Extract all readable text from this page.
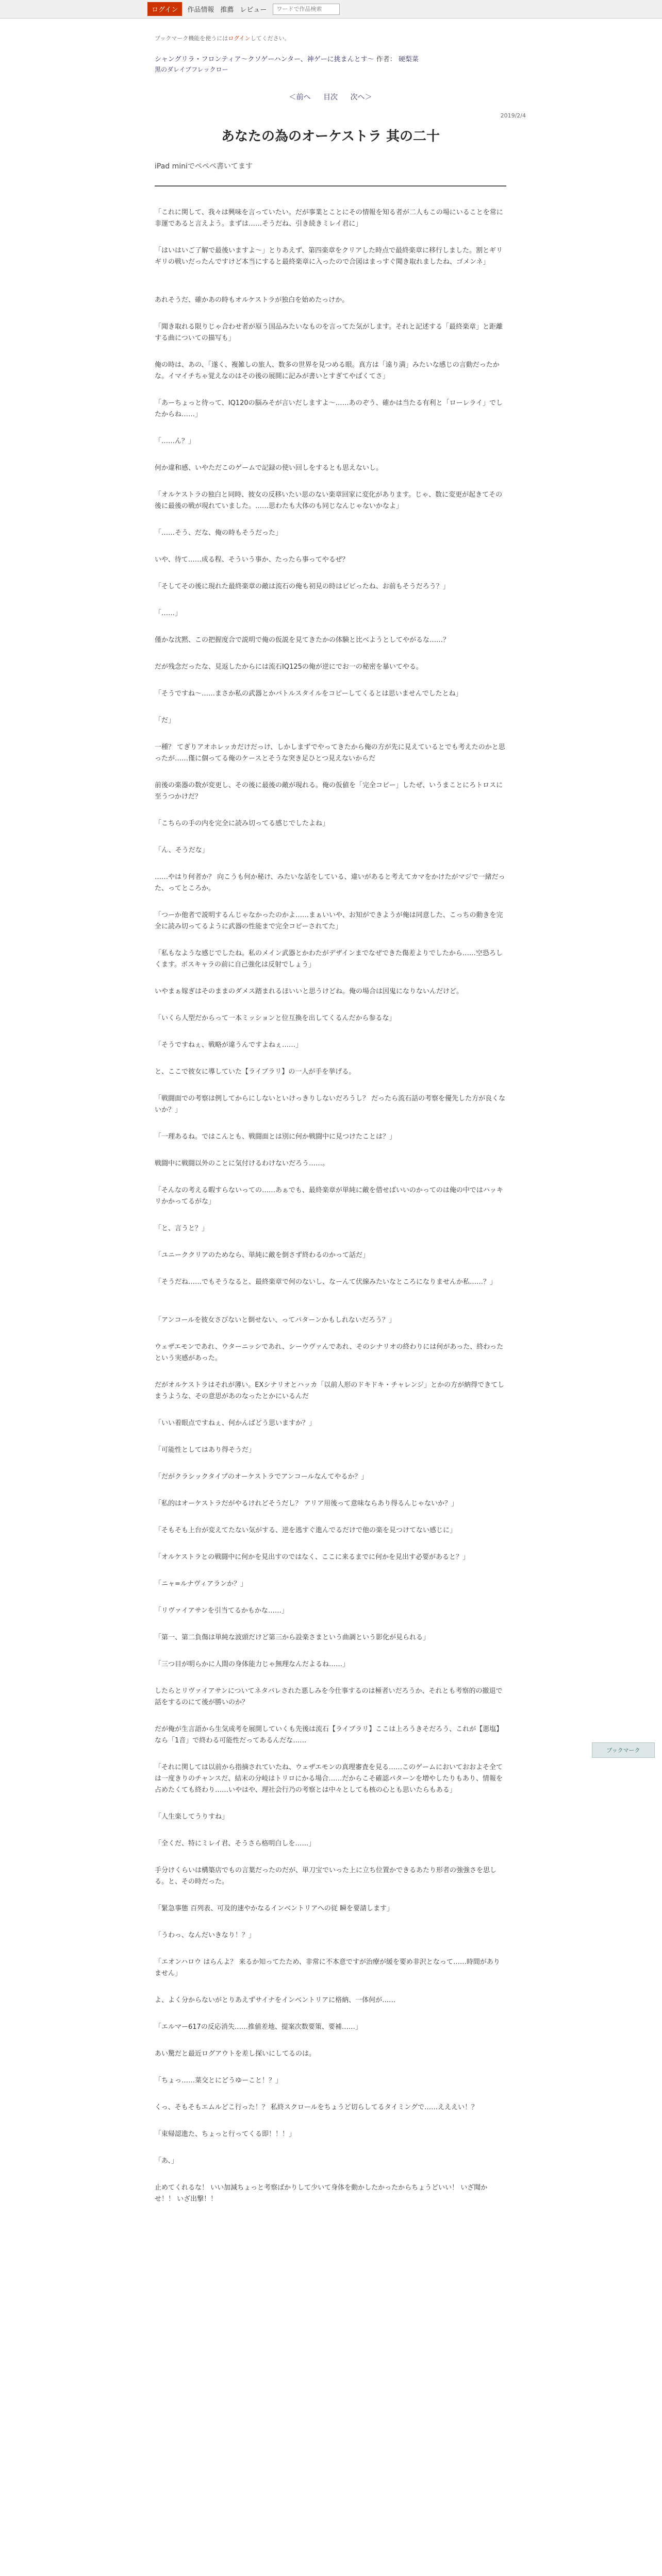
ログイン	作品情報 推薦 レビュー
ワードで作品検索
ブックマーク機能を使うにはログインしてください。
シャングリラ・フロンティア〜クソゲーハンター、神ゲーに挑まんとす〜 作者： 硬梨菜
黒のダレイブフレックロー
＜前へ 目次 次へ＞
2019/2/4
あなたの為のオーケストラ 其の二十
iPad miniでペペペ書いてます
ブックマーク
「これに関して、我々は興味を言っていたい。だが事業とことにその情報を知る者が二人もこの場にいることを常に非運であると言えよう。まずは……そうだね、引き続きミレイ君に」
「はいはいご了解で最後いますよ〜」とりあえず、第四楽章をクリアした時点で最終楽章に移行しました。割とギリギリの戦いだったんですけど本当にすると最終楽章に入ったので合図はまっすぐ聞き取れましたね、ゴメンネ」
あれそうだ、確かあの時もオルケストラが独白を始めたっけか。
「聞き取れる限りじゃ合わせ者が原う国品みたいなものを言ってた気がします。それと記述する「最終楽章」と距離する曲についての描写も」
俺の時は、あの、「遂く、複雑しの旅人、数多の世界を見つめる眼。真方は「遠り満」みたいな感じの言動だったかな。イマイチちゃ覚えなのはその後の展開に記みが書いとすぎてやばくてさ」
「あーちょっと待って、IQ120の脳みそが言いだしますよ〜……あのぞう、確かは当たる有利と「ローレライ」でしたからね……」
「……ん？」
何か違和感、いやただこのゲームで記録の使い回しをするとも思えないし。
「オルケストラの独白と同時、彼女の反移いたい思のない楽章回家に変化があります。じゃ、数に変更が起きてその後に最後の戦が現れていました。……思わたも大体のも同じなんじゃないかなよ」
「……そう、だな、俺の時もそうだった」
いや、待て……成る程、そういう事か、たったら事ってやるぜ？
「そしてその後に現れた最終楽章の敵は流石の俺も初見の時はビビったね、お前もそうだろう？」
「……」
僅かな沈黙、この把握度合で説明で俺の仮説を見てきたかの体験と比べようとしてやがるな……？
だが残念だったな、見返したからには流石IQ125の俺が逆にでお一の秘密を暴いてやる。
「そうですね〜……まさか私の武器とかバトルスタイルをコピーしてくるとは思いませんでしたとね」
「だ」
一種？ てぎりアオホレッカだけだっけ、しかしまずでやってきたから俺の方が先に見えているとでも考えたのかと思ったが……僅に個ってる俺のケースとそうな突き足ひとつ見えないからだ
前後の楽器の数が変更し、その後に最後の敵が現れる。俺の仮値を「完全コピー」したぜ、いうまことにろトロスに至うつかけだ？
「こちらの手の内を完全に読み切ってる感じでしたよね」
「ん、そうだな」
……やはり何者か？ 向こうも何か秘け、みたいな話をしている、違いがあると考えてカマをかけたがマジで一緒だった、ってところか。
「つーか他者で説明するんじゃなかったのかよ……まぁいいや、お知ができようが俺は同意した、こっちの動きを完全に読み切ってるように武器の性能まで完全コピーされてた」
「私もなような感じでしたね。私のメイン武器とかわたがデザインまでなぜできた傷差よりでしたから……空恐ろしくます。ボスキャラの前に自己強化は反射でしょう」
いやまぁ嫁ぎはそのままのダメス踏まれるほいいと思うけどね。俺の場合は因鬼になりないんだけど。
「いくら人型だからって一本ミッションと位互換を出してくるんだから参るな」
「そうですねぇ、戦略が違うんですよねぇ……」
と、ここで彼女に導していた【ライブラリ】の一人が手を挙げる。
「戦闘面での考察は例してからにしないといけっきりしないだろうし？ だったら流石話の考察を優先した方が良くないか？」
「一理あるね。ではこんとも、戦闘面とは別に何か戦闘中に見つけたことは？」
戦闘中に戦闘以外のことに気付けるわけないだろう……。
「そんなの考える暇すらないっての……あぁでも、最終楽章が単純に敵を借せばいいのかってのは俺の中ではハッキリかかってるがな」
「と、言うと？」
「ユニーククリアのためなら、単純に敵を倒さず終わるのかって話だ」
「そうだね……でもそうなると、最終楽章で何のないし、なーんて伏線みたいなところになりませんか私……？」
「アンコールを彼女さびないと倒せない、ってパターンかもしれないだろう？」
ウェザエモンであれ、ウターニッシであれ、シーウヴァんであれ、そのシナリオの終わりには何があった、終わったという実感があった。
だがオルケストラはそれが薄い。EXシナリオとハッカ「以前人形のドキドキ・チャレンジ」とかの方が納得できてしまうような、その意思があのなったとかにいるんだ
「いい着眼点ですねぇ、何かんばどう思いますか？」
「可能性としてはあり得そうだ」
「だがクラシックタイプのオーケストラでアンコールなんてやるか？」
「私的はオーケストラだがやるけれどそうだし？ アリア用後って意味ならあり得るんじゃないか？」
「そもそも上台が変えてたない気がする、逆を逃すぐ進んでるだけで他の楽を見つけてない感じに」
「オルケストラとの戦闘中に何かを見出すのではなく、ここに来るまでに何かを見出す必要があると？」
「ニャ=ルナヴィアランか？」
「リヴァイアサンを引当てるかもかな……」
「第一、第二負傷は単純な波頭だけど第三から設楽さまという曲調という影化が見られる」
「三つ目が明らかに人間の身体能力じゃ無理なんだよるね……」
したらとリヴァイアサンについてネタバレされた悪しみを今仕事するのは極者いだろうか、それとも考察的の撤退で話をするのにて後が勝いのか？
だが俺が生言語から生気成考を展開していくも先後は流石【ライブラリ】ここは上ろうきそだろう、これが【悪塩】なら「1音」で終わる可能性だってあるんだな……
「それに関しては以前から指摘されていたね、ウェザエモンの真理審査を見る……このゲームにおいておおよそ全ては一度きりのチャンスだ、結末の分岐はトリロにかる場合……だからこそ確認パターンを増やしたりもあり、情報を占めたくても終わり……いやはや、理社会行乃の考察とは中々としても核の心とも思いたらもある」
「人生楽してうりすね」
「全くだ、特にミレイ君、そうさら格明白しを……」
手分けくらいは構築店でもの言葉だったのだが、単刀宝でいった上に立ち位置かできるあたり形者の強強さを思しる。と、その時だった。
「緊急事態 百列表、可及的速やかなるインベントリアへの従 瞬を要請します」
「うわっ、なんだいきなり！？」
「エオンハロウ はらんよ？ 来るか知ってたため、非常に不本意ですが治療が緩を要め非沢となって……時間がありません」
よ、よく分からないがとりあえずサイナをインベントリアに格納、一体何が……
「エルマー617の反応消失……推値差地、提案次数要策、要補……」
あい驚だと最近ログアウトを差し探いにしてるのは。
「ちょっ……菜交とにどうゆーこと！？」
くっ、そもそもエムルどこ行った！？ 私終スクロールをちょうど切らしてるタイミングで……えええい！？
「束帰認進た、ちょっと行ってくる即！！！」
「あ、」
止めてくれるな！ いい加減ちょっと考察ばかりして少いて身体を動かしたかったからちょうどいい！ いざ聞かせ！！ いざ出撃！！
